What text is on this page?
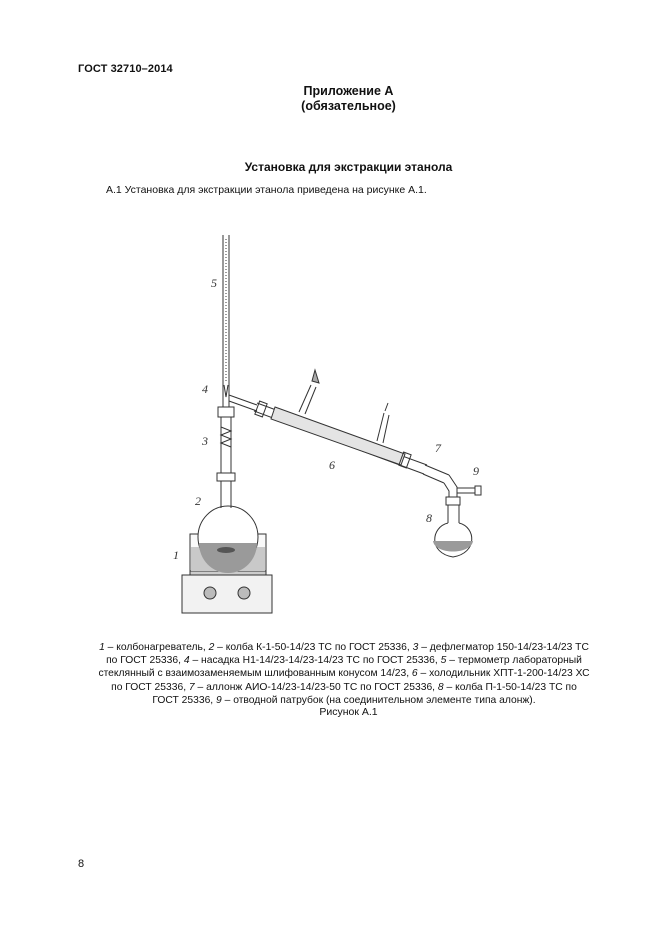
ГОСТ 32710–2014
Приложение А
(обязательное)
Установка для экстракции этанола
А.1 Установка для экстракции этанола приведена на рисунке А.1.
5
4
3
2
1
6
7
9
8
1 – колбонагреватель, 2 – колба К-1-50-14/23 ТС по ГОСТ 25336, 3 – дефлегматор 150-14/23-14/23 ТС
по ГОСТ 25336, 4 – насадка Н1-14/23-14/23-14/23 ТС по ГОСТ 25336, 5 – термометр лабораторный
стеклянный с взаимозаменяемым шлифованным конусом 14/23, 6 – холодильник ХПТ-1-200-14/23 ХС
по ГОСТ 25336, 7 – аллонж АИО-14/23-14/23-50 ТС по ГОСТ 25336, 8 – колба П-1-50-14/23 ТС по
ГОСТ 25336, 9 – отводной патрубок (на соединительном элементе типа алонж).
Рисунок А.1
8
